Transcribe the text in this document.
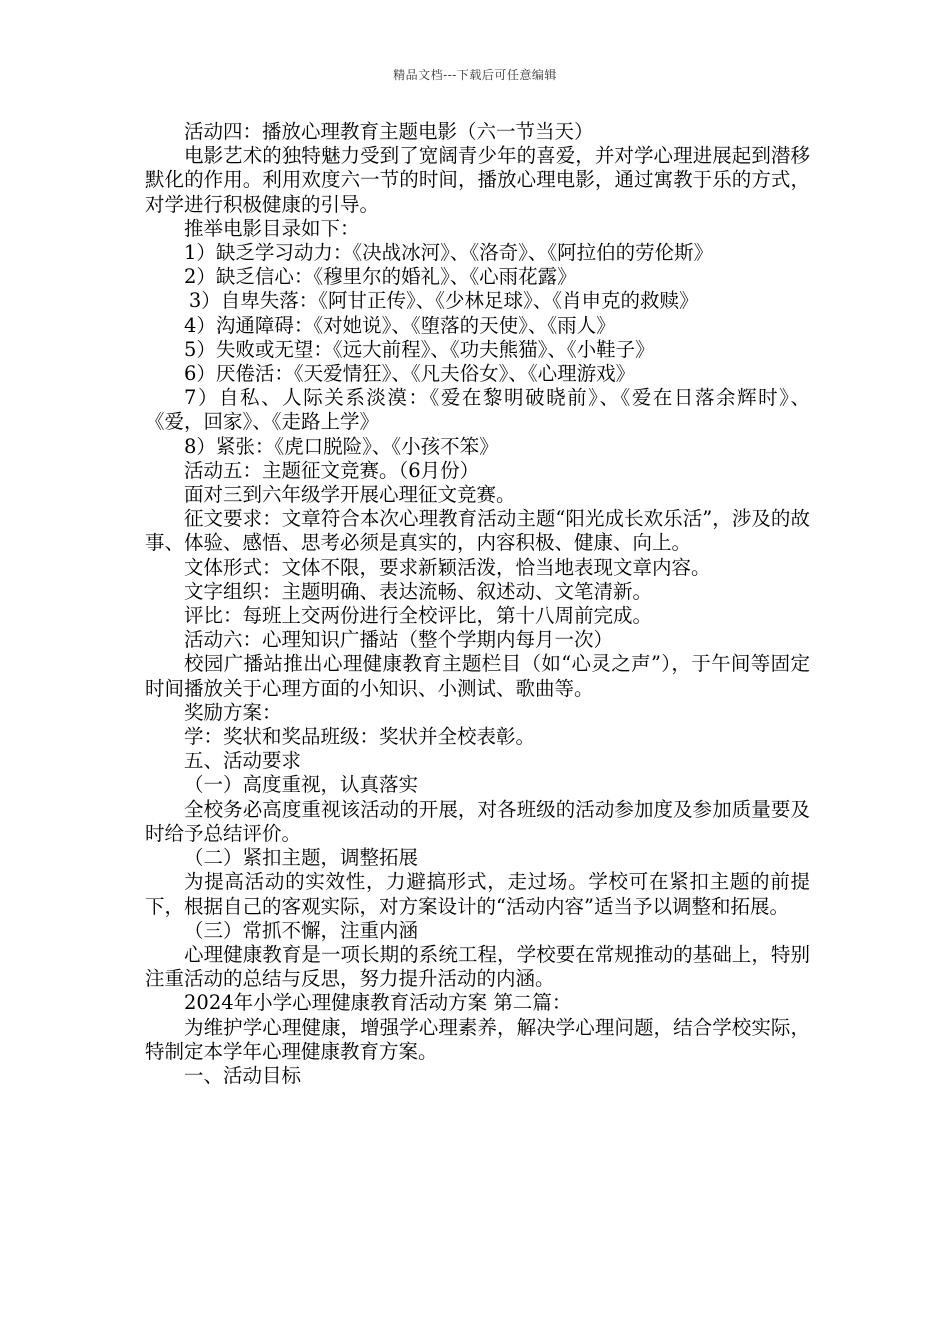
精品文档---下载后可任意编辑

活动四：播放心理教育主题电影（六一节当天）

电影艺术的独特魅力受到了宽阔青少年的喜爱，并对学心理进展起到潜移默化的作用。利用欢度六一节的时间，播放心理电影，通过寓教于乐的方式，对学进行积极健康的引导。

推举电影目录如下：

1）缺乏学习动力：《决战冰河》、《洛奇》、《阿拉伯的劳伦斯》

2）缺乏信心：《穆里尔的婚礼》、《心雨花露》

3）自卑失落：《阿甘正传》、《少林足球》、《肖申克的救赎》

4）沟通障碍：《对她说》、《堕落的天使》、《雨人》

5）失败或无望：《远大前程》、《功夫熊猫》、《小鞋子》

6）厌倦活：《天爱情狂》、《凡夫俗女》、《心理游戏》

7）自私、人际关系淡漠：《爱在黎明破晓前》、《爱在日落余辉时》、《爱，回家》、《走路上学》

8）紧张：《虎口脱险》、《小孩不笨》

活动五：主题征文竞赛。（6月份）

面对三到六年级学开展心理征文竞赛。

征文要求：文章符合本次心理教育活动主题“阳光成长欢乐活”，涉及的故事、体验、感悟、思考必须是真实的，内容积极、健康、向上。

文体形式：文体不限，要求新颖活泼，恰当地表现文章内容。

文字组织：主题明确、表达流畅、叙述动、文笔清新。

评比：每班上交两份进行全校评比，第十八周前完成。

活动六：心理知识广播站（整个学期内每月一次）

校园广播站推出心理健康教育主题栏目（如“心灵之声”），于午间等固定时间播放关于心理方面的小知识、小测试、歌曲等。

奖励方案：

学：奖状和奖品班级：奖状并全校表彰。

五、活动要求

（一）高度重视，认真落实

全校务必高度重视该活动的开展，对各班级的活动参加度及参加质量要及时给予总结评价。

（二）紧扣主题，调整拓展

为提高活动的实效性，力避搞形式，走过场。学校可在紧扣主题的前提下，根据自己的客观实际，对方案设计的“活动内容”适当予以调整和拓展。

（三）常抓不懈，注重内涵

心理健康教育是一项长期的系统工程，学校要在常规推动的基础上，特别注重活动的总结与反思，努力提升活动的内涵。

2024年小学心理健康教育活动方案 第二篇：

为维护学心理健康，增强学心理素养，解决学心理问题，结合学校实际，特制定本学年心理健康教育方案。

一、活动目标
